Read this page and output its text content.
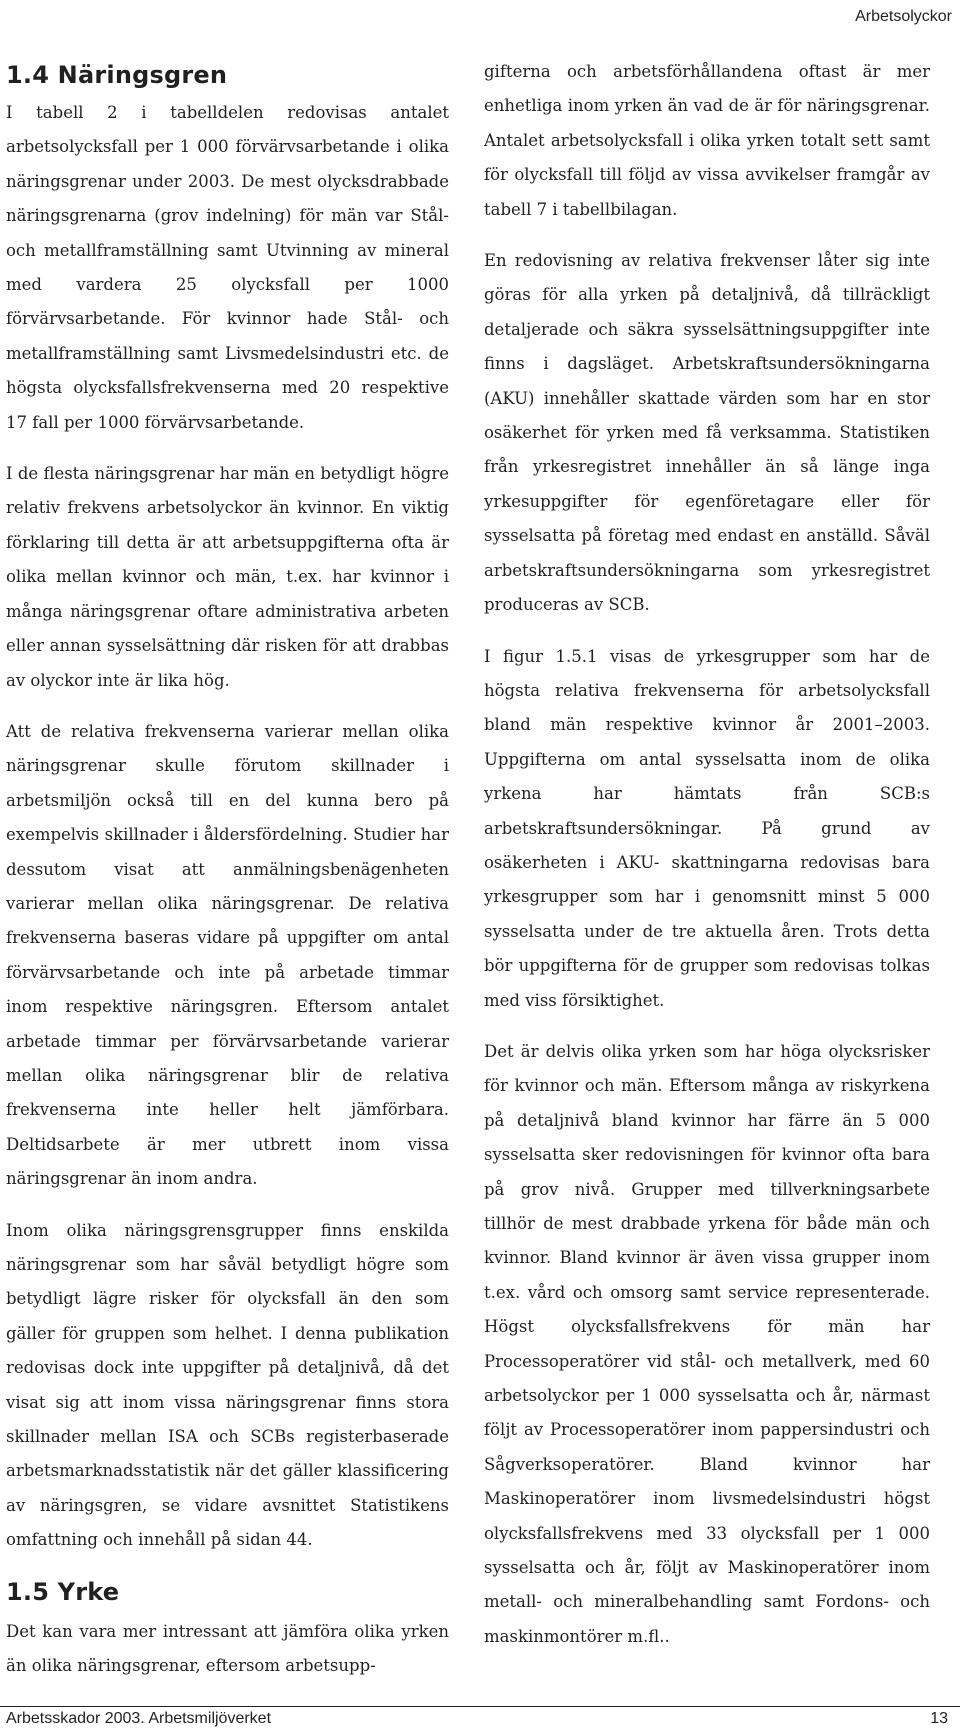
Arbetsolyckor
1.4 Näringsgren

I tabell 2 i tabelldelen redovisas antalet arbetsolycksfall per 1 000 förvärvsarbetande i olika näringsgrenar under 2003. De mest olycksdrabbade näringsgrenarna (grov indelning) för män var Stål- och metallframställning samt Utvinning av mineral med vardera 25 olycksfall per 1000 förvärvsarbetande. För kvinnor hade Stål- och metallframställning samt Livsmedelsindustri etc. de högsta olycksfallsfrekvenserna med 20 respektive 17 fall per 1000 förvärvsarbetande.

I de flesta näringsgrenar har män en betydligt högre relativ frekvens arbetsolyckor än kvinnor. En viktig förklaring till detta är att arbetsuppgifterna ofta är olika mellan kvinnor och män, t.ex. har kvinnor i många näringsgrenar oftare administrativa arbeten eller annan sysselsättning där risken för att drabbas av olyckor inte är lika hög.

Att de relativa frekvenserna varierar mellan olika näringsgrenar skulle förutom skillnader i arbetsmiljön också till en del kunna bero på exempelvis skillnader i åldersfördelning. Studier har dessutom visat att anmälningsbenägenheten varierar mellan olika näringsgrenar. De relativa frekvenserna baseras vidare på uppgifter om antal förvärvsarbetande och inte på arbetade timmar inom respektive näringsgren. Eftersom antalet arbetade timmar per förvärvsarbetande varierar mellan olika näringsgrenar blir de relativa frekvenserna inte heller helt jämförbara. Deltidsarbete är mer utbrett inom vissa näringsgrenar än inom andra.

Inom olika näringsgrensgrupper finns enskilda näringsgrenar som har såväl betydligt högre som betydligt lägre risker för olycksfall än den som gäller för gruppen som helhet. I denna publikation redovisas dock inte uppgifter på detaljnivå, då det visat sig att inom vissa näringsgrenar finns stora skillnader mellan ISA och SCBs registerbaserade arbetsmarknadsstatistik när det gäller klassificering av näringsgren, se vidare avsnittet Statistikens omfattning och innehåll på sidan 44.

1.5 Yrke

Det kan vara mer intressant att jämföra olika yrken än olika näringsgrenar, eftersom arbetsupp-

gifterna och arbetsförhållandena oftast är mer enhetliga inom yrken än vad de är för näringsgrenar. Antalet arbetsolycksfall i olika yrken totalt sett samt för olycksfall till följd av vissa avvikelser framgår av tabell 7 i tabellbilagan.

En redovisning av relativa frekvenser låter sig inte göras för alla yrken på detaljnivå, då tillräckligt detaljerade och säkra sysselsättningsuppgifter inte finns i dagsläget. Arbetskraftsundersökningarna (AKU) innehåller skattade värden som har en stor osäkerhet för yrken med få verksamma. Statistiken från yrkesregistret innehåller än så länge inga yrkesuppgifter för egenföretagare eller för sysselsatta på företag med endast en anställd. Såväl arbetskraftsundersökningarna som yrkesregistret produceras av SCB.

I figur 1.5.1 visas de yrkesgrupper som har de högsta relativa frekvenserna för arbetsolycksfall bland män respektive kvinnor år 2001–2003. Uppgifterna om antal sysselsatta inom de olika yrkena har hämtats från SCB:s arbetskraftsundersökningar. På grund av osäkerheten i AKU- skattningarna redovisas bara yrkesgrupper som har i genomsnitt minst 5 000 sysselsatta under de tre aktuella åren. Trots detta bör uppgifterna för de grupper som redovisas tolkas med viss försiktighet.

Det är delvis olika yrken som har höga olycksrisker för kvinnor och män. Eftersom många av riskyrkena på detaljnivå bland kvinnor har färre än 5 000 sysselsatta sker redovisningen för kvinnor ofta bara på grov nivå. Grupper med tillverkningsarbete tillhör de mest drabbade yrkena för både män och kvinnor. Bland kvinnor är även vissa grupper inom t.ex. vård och omsorg samt service representerade. Högst olycksfallsfrekvens för män har Processoperatörer vid stål- och metallverk, med 60 arbetsolyckor per 1 000 sysselsatta och år, närmast följt av Processoperatörer inom pappersindustri och Sågverksoperatörer. Bland kvinnor har Maskinoperatörer inom livsmedelsindustri högst olycksfallsfrekvens med 33 olycksfall per 1 000 sysselsatta och år, följt av Maskinoperatörer inom metall- och mineralbehandling samt Fordons- och maskinmontörer m.fl..

Arbetsskador 2003. Arbetsmiljöverket	13
